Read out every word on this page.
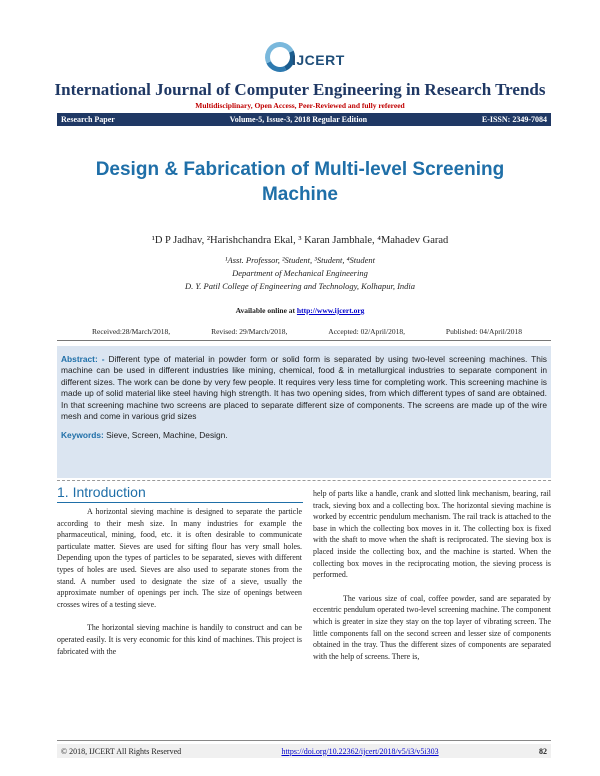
IJCERT
International Journal of Computer Engineering in Research Trends
Multidisciplinary, Open Access, Peer-Reviewed and fully refereed
Research Paper	Volume-5, Issue-3, 2018 Regular Edition	E-ISSN: 2349-7084
Design & Fabrication of Multi-level Screening Machine
¹D P Jadhav, ²Harishchandra Ekal, ³ Karan Jambhale, ⁴Mahadev Garad
¹Asst. Professor, ²Student, ³Student, ⁴Student
Department of Mechanical Engineering
D. Y. Patil College of Engineering and Technology, Kolhapur, India
Available online at http://www.ijcert.org
Received:28/March/2018,	Revised: 29/March/2018,	Accepted: 02/April/2018,	Published: 04/April/2018
Abstract: - Different type of material in powder form or solid form is separated by using two-level screening machines. This machine can be used in different industries like mining, chemical, food & in metallurgical industries to separate component in different sizes. The work can be done by very few people. It requires very less time for completing work. This screening machine is made up of solid material like steel having high strength. It has two opening sides, from which different types of sand are obtained. In that screening machine two screens are placed to separate different size of components. The screens are made up of the wire mesh and come in various grid sizes
Keywords: Sieve, Screen, Machine, Design.
1. Introduction

A horizontal sieving machine is designed to separate the particle according to their mesh size. In many industries for example the pharmaceutical, mining, food, etc. it is often desirable to communicate particulate matter. Sieves are used for sifting flour has very small holes. Depending upon the types of particles to be separated, sieves with different types of holes are used. Sieves are also used to separate stones from the stand. A number used to designate the size of a sieve, usually the approximate number of openings per inch. The size of openings between crosses wires of a testing sieve.

The horizontal sieving machine is handily to construct and can be operated easily. It is very economic for this kind of machines. This project is fabricated with the

help of parts like a handle, crank and slotted link mechanism, bearing, rail track, sieving box and a collecting box. The horizontal sieving machine is worked by eccentric pendulum mechanism. The rail track is attached to the base in which the collecting box moves in it. The collecting box is fixed with the shaft to move when the shaft is reciprocated. The sieving box is placed inside the collecting box, and the machine is started. When the collecting box moves in the reciprocating motion, the sieving process is performed.

The various size of coal, coffee powder, sand are separated by eccentric pendulum operated two-level screening machine. The component which is greater in size they stay on the top layer of vibrating screen. The little components fall on the second screen and lesser size of components obtained in the tray. Thus the different sizes of components are separated with the help of screens. There is,

© 2018, IJCERT All Rights Reserved	https://doi.org/10.22362/ijcert/2018/v5/i3/v5i303	82
